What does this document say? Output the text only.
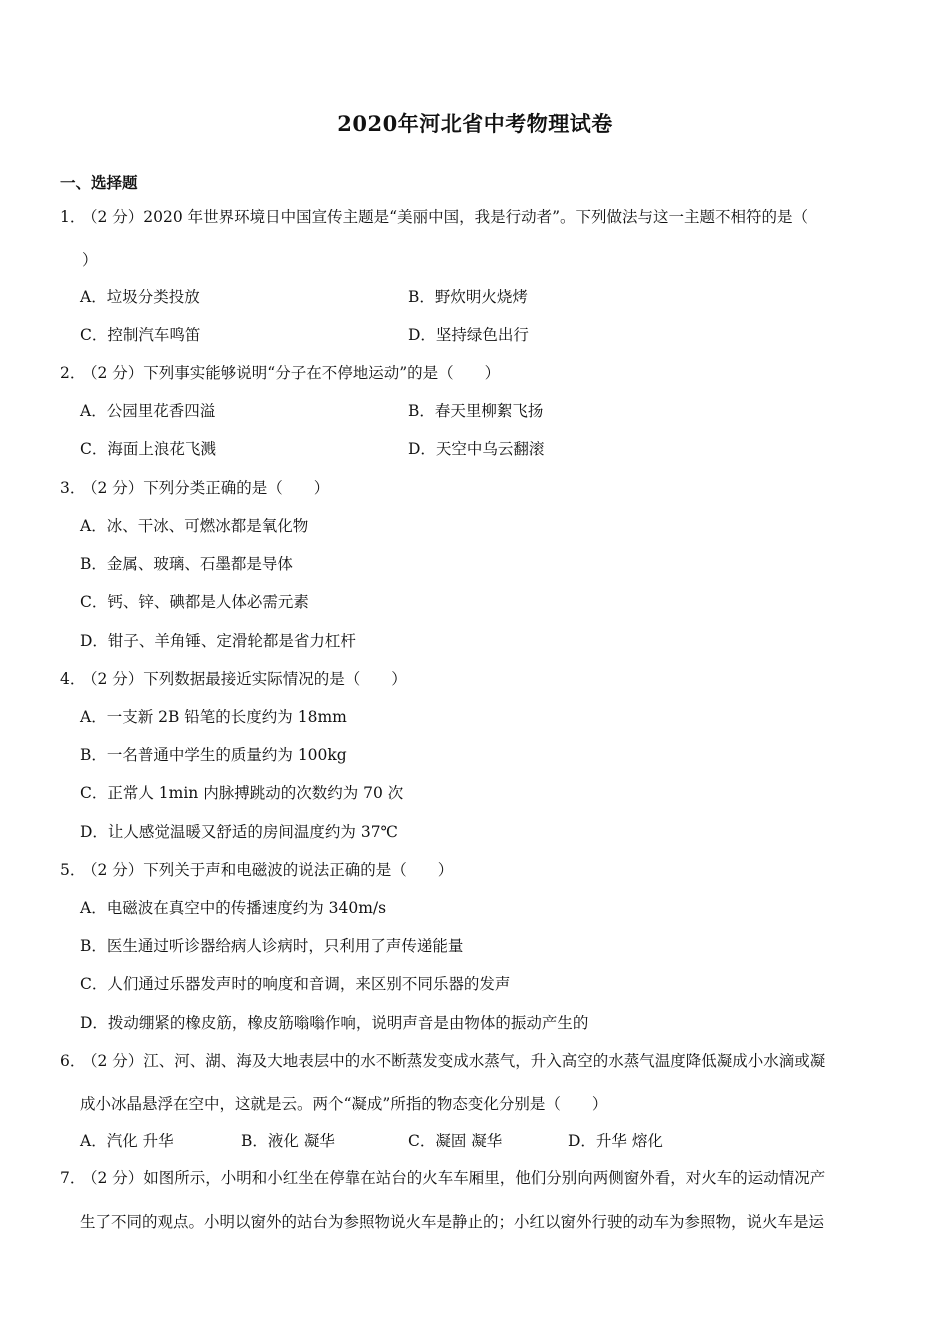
2020年河北省中考物理试卷
一、选择题
1．（2 分）2020 年世界环境日中国宣传主题是“美丽中国，我是行动者”。下列做法与这一主题不相符的是（
）
A．垃圾分类投放	B．野炊明火烧烤
C．控制汽车鸣笛	D．坚持绿色出行
2．（2 分）下列事实能够说明“分子在不停地运动”的是（　　）
A．公园里花香四溢	B．春天里柳絮飞扬
C．海面上浪花飞溅	D．天空中乌云翻滚
3．（2 分）下列分类正确的是（　　）
A．冰、干冰、可燃冰都是氧化物
B．金属、玻璃、石墨都是导体
C．钙、锌、碘都是人体必需元素
D．钳子、羊角锤、定滑轮都是省力杠杆
4．（2 分）下列数据最接近实际情况的是（　　）
A．一支新 2B 铅笔的长度约为 18mm
B．一名普通中学生的质量约为 100kg
C．正常人 1min 内脉搏跳动的次数约为 70 次
D．让人感觉温暖又舒适的房间温度约为 37℃
5．（2 分）下列关于声和电磁波的说法正确的是（　　）
A．电磁波在真空中的传播速度约为 340m/s
B．医生通过听诊器给病人诊病时，只利用了声传递能量
C．人们通过乐器发声时的响度和音调，来区别不同乐器的发声
D．拨动绷紧的橡皮筋，橡皮筋嗡嗡作响，说明声音是由物体的振动产生的
6．（2 分）江、河、湖、海及大地表层中的水不断蒸发变成水蒸气，升入高空的水蒸气温度降低凝成小水滴或凝
成小冰晶悬浮在空中，这就是云。两个“凝成”所指的物态变化分别是（　　）
A．汽化 升华	B．液化 凝华	C．凝固 凝华	D．升华 熔化
7．（2 分）如图所示，小明和小红坐在停靠在站台的火车车厢里，他们分别向两侧窗外看，对火车的运动情况产
生了不同的观点。小明以窗外的站台为参照物说火车是静止的；小红以窗外行驶的动车为参照物，说火车是运
